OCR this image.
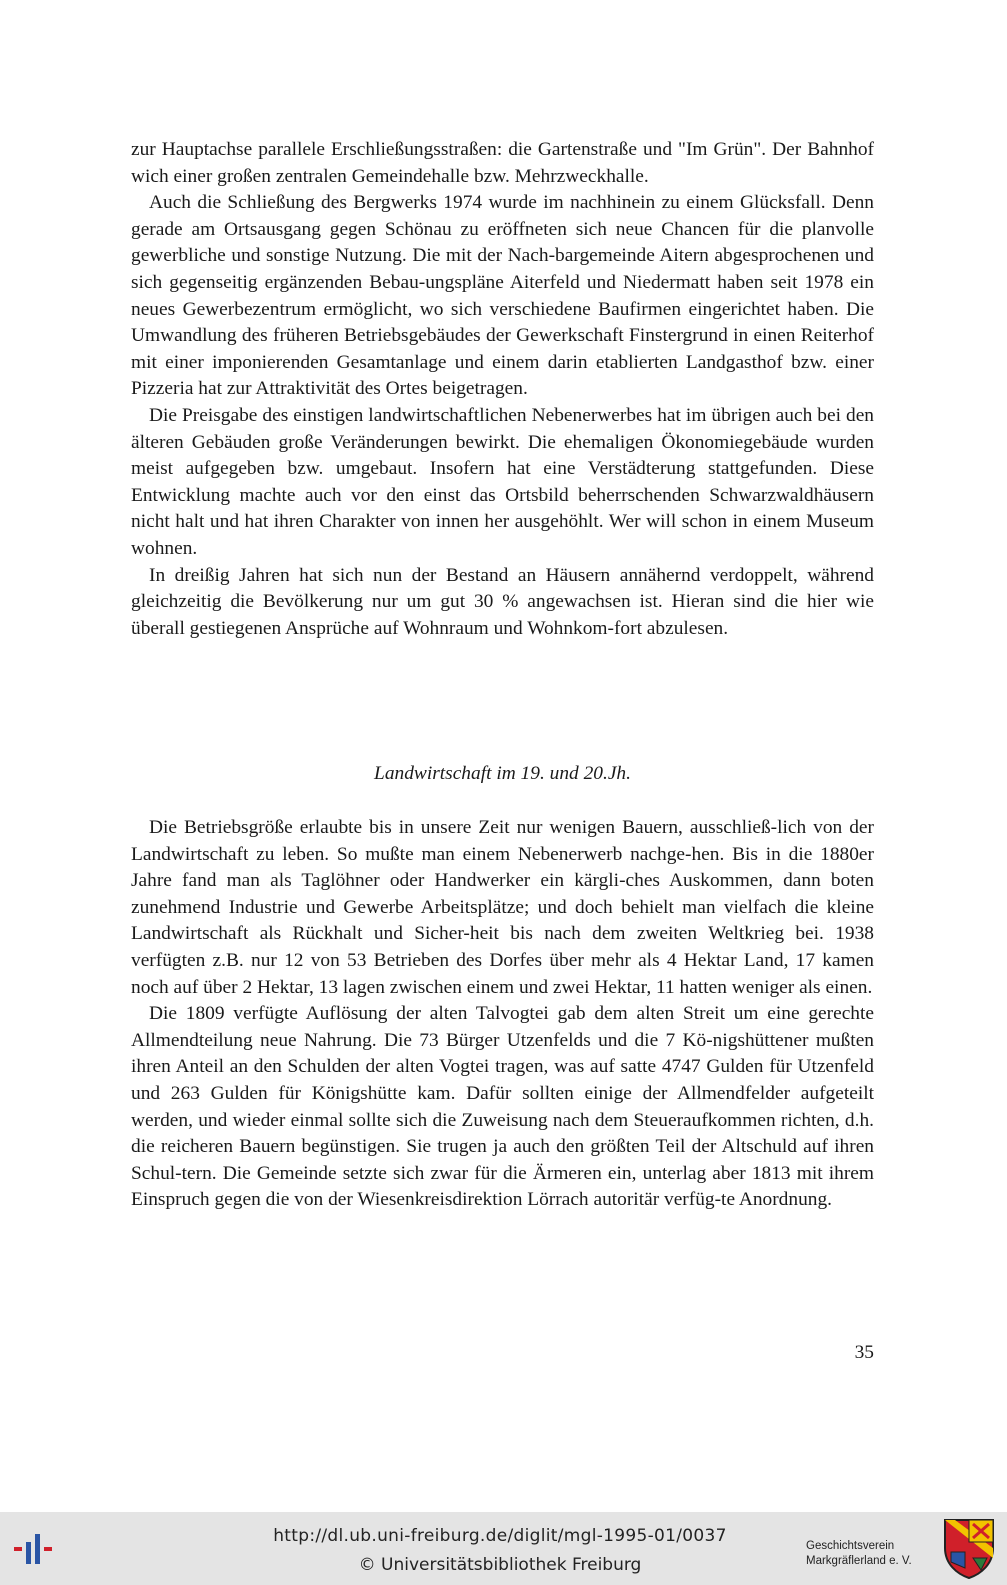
zur Hauptachse parallele Erschließungsstraßen: die Gartenstraße und "Im Grün". Der Bahnhof wich einer großen zentralen Gemeindehalle bzw. Mehrzweckhalle.

Auch die Schließung des Bergwerks 1974 wurde im nachhinein zu einem Glücksfall. Denn gerade am Ortsausgang gegen Schönau zu eröffneten sich neue Chancen für die planvolle gewerbliche und sonstige Nutzung. Die mit der Nach-bargemeinde Aitern abgesprochenen und sich gegenseitig ergänzenden Bebau-ungspläne Aiterfeld und Niedermatt haben seit 1978 ein neues Gewerbezentrum ermöglicht, wo sich verschiedene Baufirmen eingerichtet haben. Die Umwandlung des früheren Betriebsgebäudes der Gewerkschaft Finstergrund in einen Reiterhof mit einer imponierenden Gesamtanlage und einem darin etablierten Landgasthof bzw. einer Pizzeria hat zur Attraktivität des Ortes beigetragen.

Die Preisgabe des einstigen landwirtschaftlichen Nebenerwerbes hat im übrigen auch bei den älteren Gebäuden große Veränderungen bewirkt. Die ehemaligen Ökonomiegebäude wurden meist aufgegeben bzw. umgebaut. Insofern hat eine Verstädterung stattgefunden. Diese Entwicklung machte auch vor den einst das Ortsbild beherrschenden Schwarzwaldhäusern nicht halt und hat ihren Charakter von innen her ausgehöhlt. Wer will schon in einem Museum wohnen.

In dreißig Jahren hat sich nun der Bestand an Häusern annähernd verdoppelt, während gleichzeitig die Bevölkerung nur um gut 30 % angewachsen ist. Hieran sind die hier wie überall gestiegenen Ansprüche auf Wohnraum und Wohnkom-fort abzulesen.

Landwirtschaft im 19. und 20.Jh.

Die Betriebsgröße erlaubte bis in unsere Zeit nur wenigen Bauern, ausschließ-lich von der Landwirtschaft zu leben. So mußte man einem Nebenerwerb nachge-hen. Bis in die 1880er Jahre fand man als Taglöhner oder Handwerker ein kärgli-ches Auskommen, dann boten zunehmend Industrie und Gewerbe Arbeitsplätze; und doch behielt man vielfach die kleine Landwirtschaft als Rückhalt und Sicher-heit bis nach dem zweiten Weltkrieg bei. 1938 verfügten z.B. nur 12 von 53 Betrieben des Dorfes über mehr als 4 Hektar Land, 17 kamen noch auf über 2 Hektar, 13 lagen zwischen einem und zwei Hektar, 11 hatten weniger als einen.

Die 1809 verfügte Auflösung der alten Talvogtei gab dem alten Streit um eine gerechte Allmendteilung neue Nahrung. Die 73 Bürger Utzenfelds und die 7 Kö-nigshüttener mußten ihren Anteil an den Schulden der alten Vogtei tragen, was auf satte 4747 Gulden für Utzenfeld und 263 Gulden für Königshütte kam. Dafür sollten einige der Allmendfelder aufgeteilt werden, und wieder einmal sollte sich die Zuweisung nach dem Steueraufkommen richten, d.h. die reicheren Bauern begünstigen. Sie trugen ja auch den größten Teil der Altschuld auf ihren Schul-tern. Die Gemeinde setzte sich zwar für die Ärmeren ein, unterlag aber 1813 mit ihrem Einspruch gegen die von der Wiesenkreisdirektion Lörrach autoritär verfüg-te Anordnung.

35
http://dl.ub.uni-freiburg.de/diglit/mgl-1995-01/0037
© Universitätsbibliothek Freiburg
Geschichtsverein
Markgräflerland e. V.
